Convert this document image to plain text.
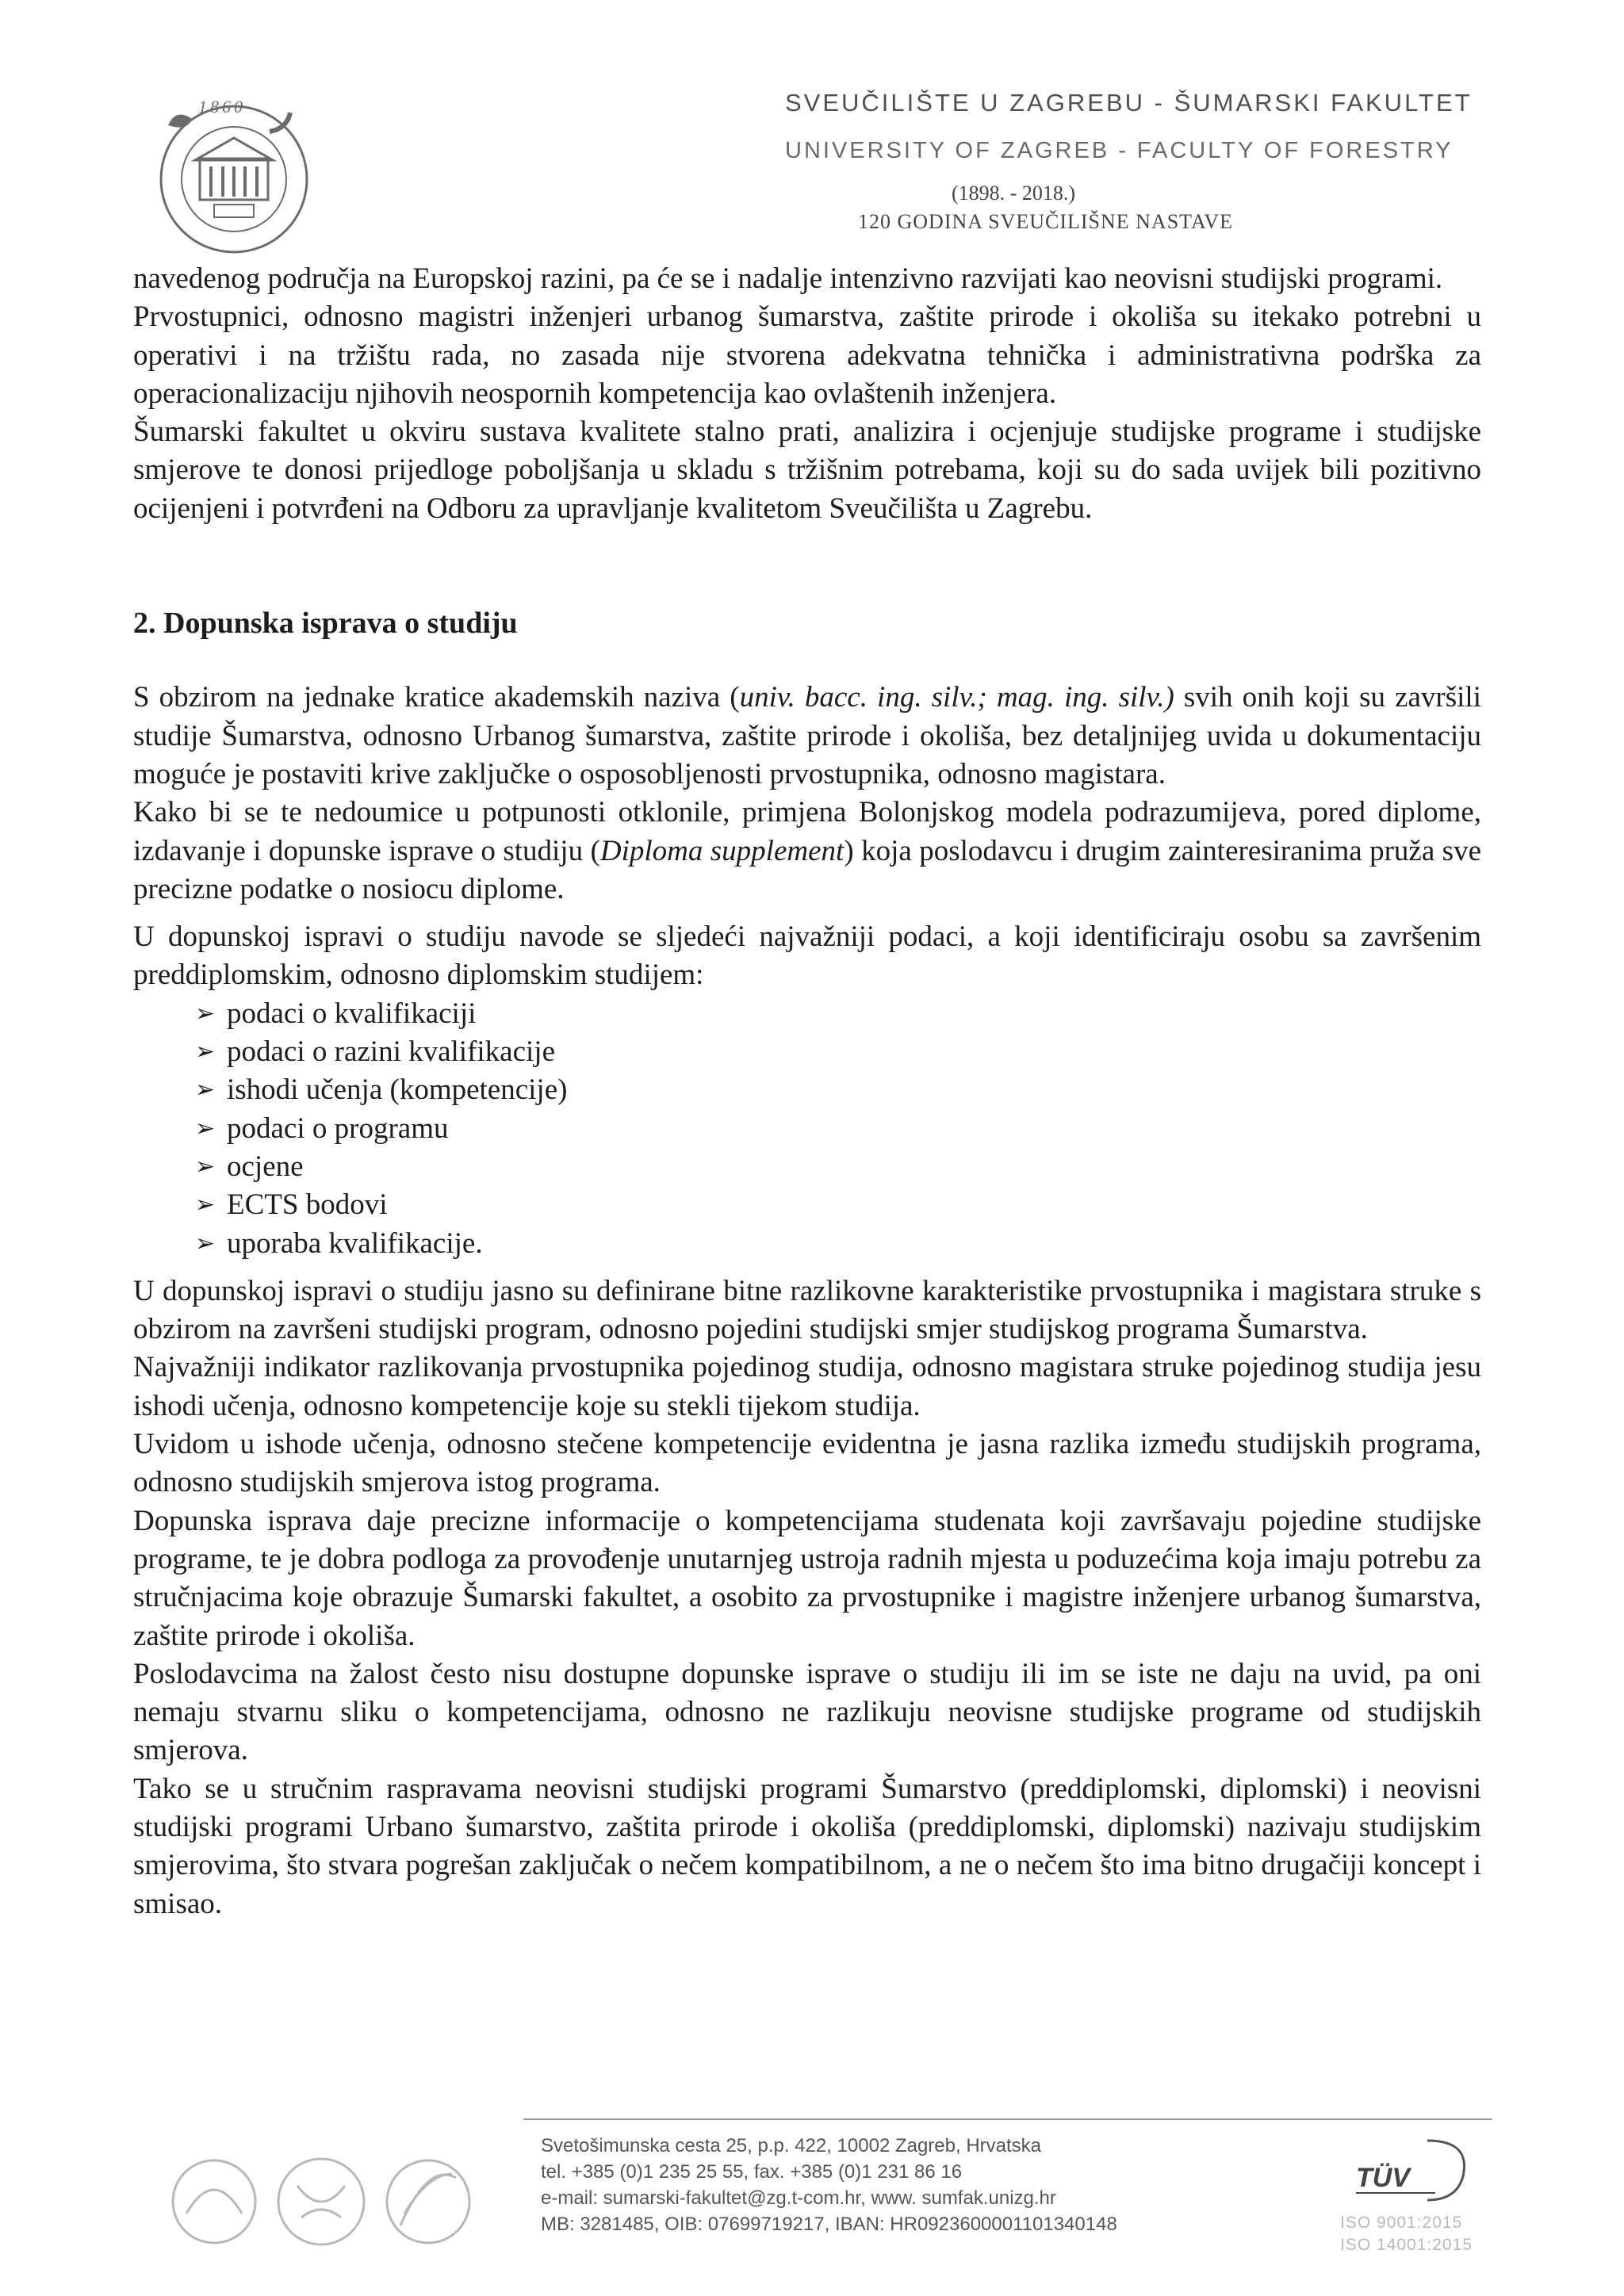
1860	SVEUČILIŠTE U ZAGREBU - ŠUMARSKI FAKULTET
UNIVERSITY OF ZAGREB - FACULTY OF FORESTRY
(1898. - 2018.)
120 GODINA SVEUČILIŠNE NASTAVE

navedenog područja na Europskoj razini, pa će se i nadalje intenzivno razvijati kao neovisni studijski programi.

Prvostupnici, odnosno magistri inženjeri urbanog šumarstva, zaštite prirode i okoliša su itekako potrebni u operativi i na tržištu rada, no zasada nije stvorena adekvatna tehnička i administrativna podrška za operacionalizaciju njihovih neospornih kompetencija kao ovlaštenih inženjera.

Šumarski fakultet u okviru sustava kvalitete stalno prati, analizira i ocjenjuje studijske programe i studijske smjerove te donosi prijedloge poboljšanja u skladu s tržišnim potrebama, koji su do sada uvijek bili pozitivno ocijenjeni i potvrđeni na Odboru za upravljanje kvalitetom Sveučilišta u Zagrebu.

2. Dopunska isprava o studiju

S obzirom na jednake kratice akademskih naziva (univ. bacc. ing. silv.; mag. ing. silv.) svih onih koji su završili studije Šumarstva, odnosno Urbanog šumarstva, zaštite prirode i okoliša, bez detaljnijeg uvida u dokumentaciju moguće je postaviti krive zaključke o osposobljenosti prvostupnika, odnosno magistara.

Kako bi se te nedoumice u potpunosti otklonile, primjena Bolonjskog modela podrazumijeva, pored diplome, izdavanje i dopunske isprave o studiju (Diploma supplement) koja poslodavcu i drugim zainteresiranima pruža sve precizne podatke o nosiocu diplome.

U dopunskoj ispravi o studiju navode se sljedeći najvažniji podaci, a koji identificiraju osobu sa završenim preddiplomskim, odnosno diplomskim studijem:

➢ podaci o kvalifikaciji
➢ podaci o razini kvalifikacije
➢ ishodi učenja (kompetencije)
➢ podaci o programu
➢ ocjene
➢ ECTS bodovi
➢ uporaba kvalifikacije.

U dopunskoj ispravi o studiju jasno su definirane bitne razlikovne karakteristike prvostupnika i magistara struke s obzirom na završeni studijski program, odnosno pojedini studijski smjer studijskog programa Šumarstva.

Najvažniji indikator razlikovanja prvostupnika pojedinog studija, odnosno magistara struke pojedinog studija jesu ishodi učenja, odnosno kompetencije koje su stekli tijekom studija.

Uvidom u ishode učenja, odnosno stečene kompetencije evidentna je jasna razlika između studijskih programa, odnosno studijskih smjerova istog programa.

Dopunska isprava daje precizne informacije o kompetencijama studenata koji završavaju pojedine studijske programe, te je dobra podloga za provođenje unutarnjeg ustroja radnih mjesta u poduzećima koja imaju potrebu za stručnjacima koje obrazuje Šumarski fakultet, a osobito za prvostupnike i magistre inženjere urbanog šumarstva, zaštite prirode i okoliša.

Poslodavcima na žalost često nisu dostupne dopunske isprave o studiju ili im se iste ne daju na uvid, pa oni nemaju stvarnu sliku o kompetencijama, odnosno ne razlikuju neovisne studijske programe od studijskih smjerova.

Tako se u stručnim raspravama neovisni studijski programi Šumarstvo (preddiplomski, diplomski) i neovisni studijski programi Urbano šumarstvo, zaštita prirode i okoliša (preddiplomski, diplomski) nazivaju studijskim smjerovima, što stvara pogrešan zaključak o nečem kompatibilnom, a ne o nečem što ima bitno drugačiji koncept i smisao.

Svetošimunska cesta 25, p.p. 422, 10002 Zagreb, Hrvatska
tel. +385 (0)1 235 25 55, fax. +385 (0)1 231 86 16
e-mail: sumarski-fakultet@zg.t-com.hr, www. sumfak.unizg.hr
MB: 3281485, OIB: 07699719217, IBAN: HR0923600001101340148
TÜV
ISO 9001:2015
ISO 14001:2015
